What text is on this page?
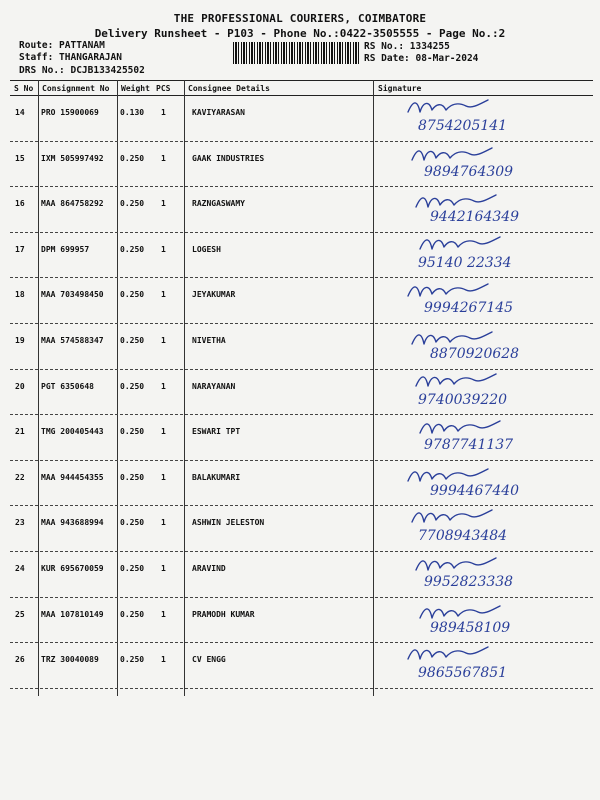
THE PROFESSIONAL COURIERS, COIMBATORE
Delivery Runsheet - P103 - Phone No.:0422-3505555 - Page No.:2
Route: PATTANAM
Staff: THANGARAJAN
DRS No.: DCJB133425502
RS No.: 1334255
RS Date: 08-Mar-2024
S No Consignment No Weight PCS Consignee Details	Signature
14 PRO 15900069	0.130 1	KAVIYARASAN
8754205141
15 IXM 505997492 0.250 1	GAAK INDUSTRIES
9894764309
16 MAA 864758292 0.250 1	RAZNGASWAMY
9442164349
17 DPM 699957	0.250 1	LOGESH
95140 22334
18 MAA 703498450 0.250 1	JEYAKUMAR
9994267145
19 MAA 574588347 0.250 1	NIVETHA
8870920628
20 PGT 6350648	0.250 1	NARAYANAN
9740039220
21 TMG 200405443 0.250 1	ESWARI TPT
9787741137
22 MAA 944454355 0.250 1	BALAKUMARI
9994467440
23 MAA 943688994 0.250 1	ASHWIN JELESTON
7708943484
24 KUR 695670059 0.250 1	ARAVIND
9952823338
25 MAA 107810149 0.250 1	PRAMODH KUMAR
989458109
26 TRZ 30040089	0.250 1	CV ENGG
9865567851
